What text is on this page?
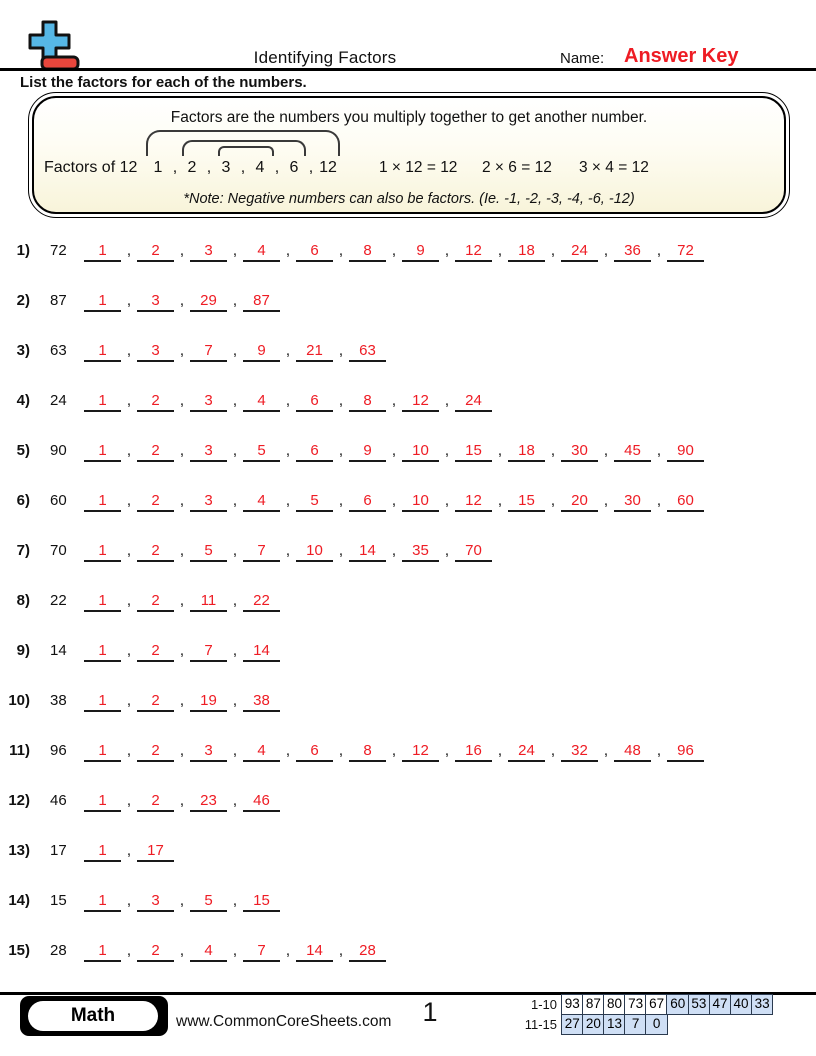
Identifying Factors	Name: Answer Key
List the factors for each of the numbers.
Factors are the numbers you multiply together to get another number.
Factors of 12	1 , 2 , 3 , 4 , 6 , 12	1 × 12 = 12 2 × 6 = 12 3 × 4 = 12
*Note: Negative numbers can also be factors. (Ie. -1, -2, -3, -4, -6, -12)
1) 72	1	,	2	,	3	,	4	,	6	,	8	,	9	,	12	,	18	,	24	,	36	,	72
2) 87	1	,	3	,	29	,	87
3) 63	1	,	3	,	7	,	9	,	21	,	63
4) 24	1	,	2	,	3	,	4	,	6	,	8	,	12	,	24
5) 90	1	,	2	,	3	,	5	,	6	,	9	,	10	,	15	,	18	,	30	,	45	,	90
6) 60	1	,	2	,	3	,	4	,	5	,	6	,	10	,	12	,	15	,	20	,	30	,	60
7) 70	1	,	2	,	5	,	7	,	10	,	14	,	35	,	70
8) 22	1	,	2	,	11	,	22
9) 14	1	,	2	,	7	,	14
10) 38	1	,	2	,	19	,	38
11) 96	1	,	2	,	3	,	4	,	6	,	8	,	12	,	16	,	24	,	32	,	48	,	96
12) 46	1	,	2	,	23	,	46
13) 17	1	,	17
14) 15	1	,	3	,	5	,	15
15) 28	1	,	2	,	4	,	7	,	14	,	28
Math	www.CommonCoreSheets.com	1	1-10 93 87 80 73 67 60 53 47 40 33
11-15 27 20 13 7	0
